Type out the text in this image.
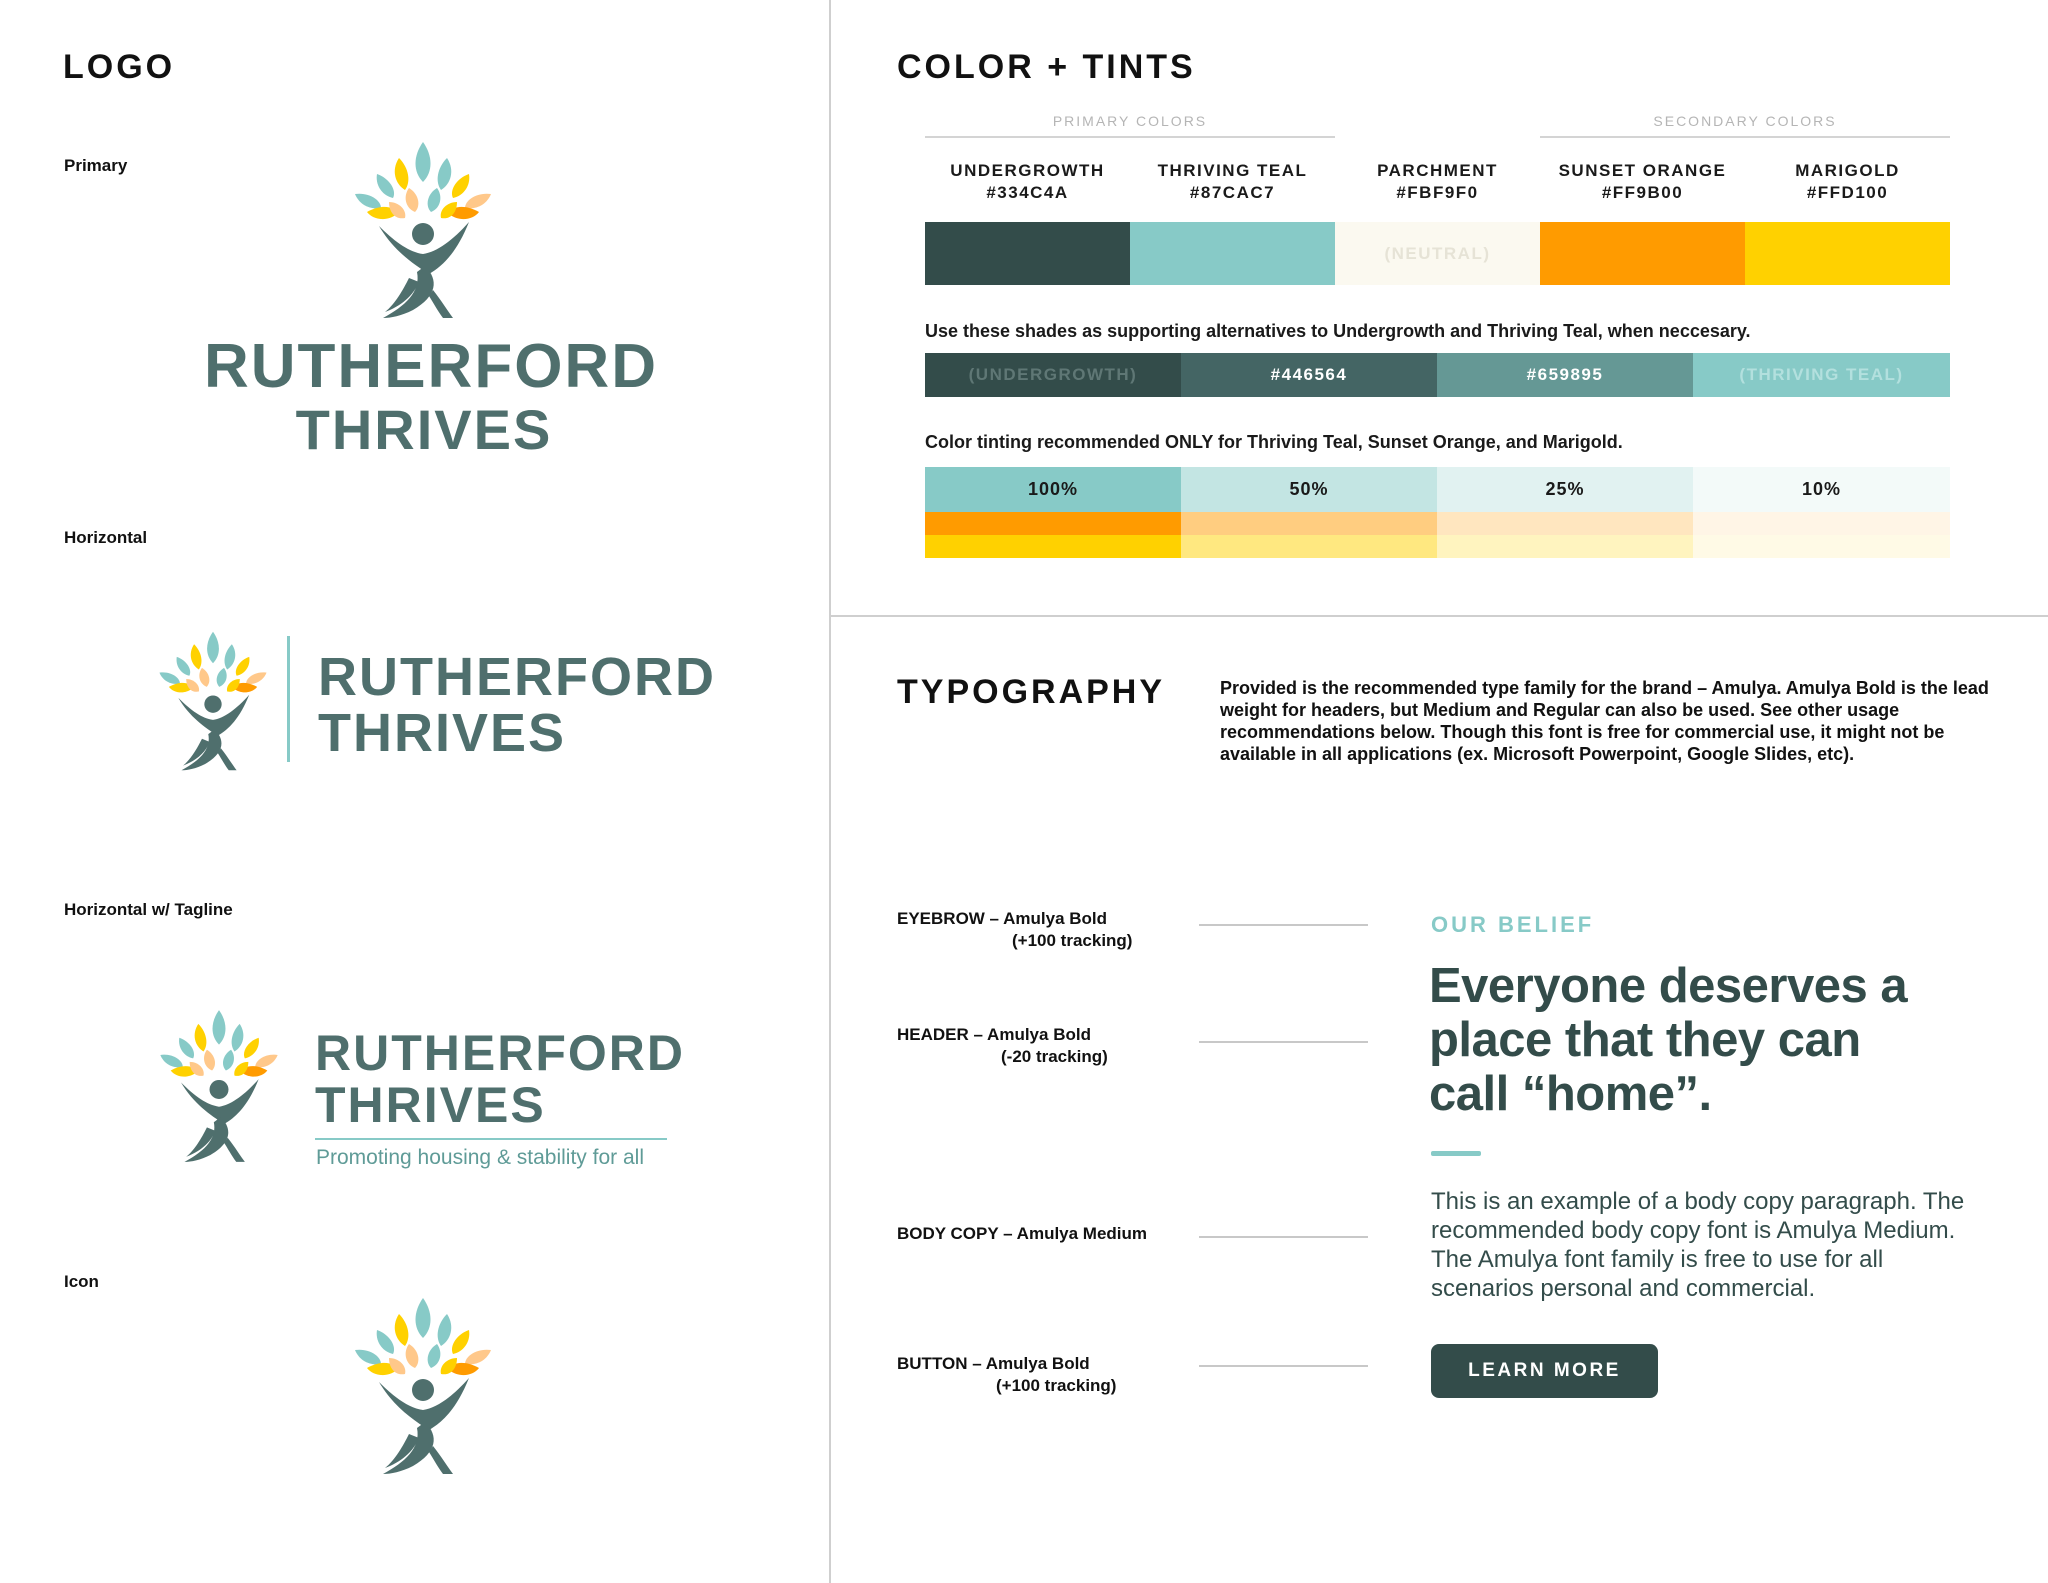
LOGO
Primary
RUTHERFORD
THRIVES
Horizontal
RUTHERFORD
THRIVES
Horizontal w/ Tagline
RUTHERFORD
THRIVES
Promoting housing & stability for all
Icon
COLOR + TINTS
PRIMARY COLORS	SECONDARY COLORS
UNDERGROWTH
#334C4A
THRIVING TEAL
#87CAC7
PARCHMENT
#FBF9F0
SUNSET ORANGE
#FF9B00
MARIGOLD
#FFD100
(NEUTRAL)
Use these shades as supporting alternatives to Undergrowth and Thriving Teal, when neccesary.
(UNDERGROWTH)	#446564	#659895	(THRIVING TEAL)
Color tinting recommended ONLY for Thriving Teal, Sunset Orange, and Marigold.
100%	50%	25%	10%
TYPOGRAPHY	Provided is the recommended type family for the brand – Amulya. Amulya Bold is the lead weight for headers, but Medium and Regular can also be used. See other usage recommendations below. Though this font is free for commercial use, it might not be available in all applications (ex. Microsoft Powerpoint, Google Slides, etc).
EYEBROW – Amulya Bold
(+100 tracking)
HEADER – Amulya Bold
(-20 tracking)
BODY COPY – Amulya Medium
BUTTON – Amulya Bold
(+100 tracking)
OUR BELIEF
Everyone deserves a place that they can call “home”.
This is an example of a body copy paragraph. The recommended body copy font is Amulya Medium. The Amulya font family is free to use for all scenarios personal and commercial.
LEARN MORE
